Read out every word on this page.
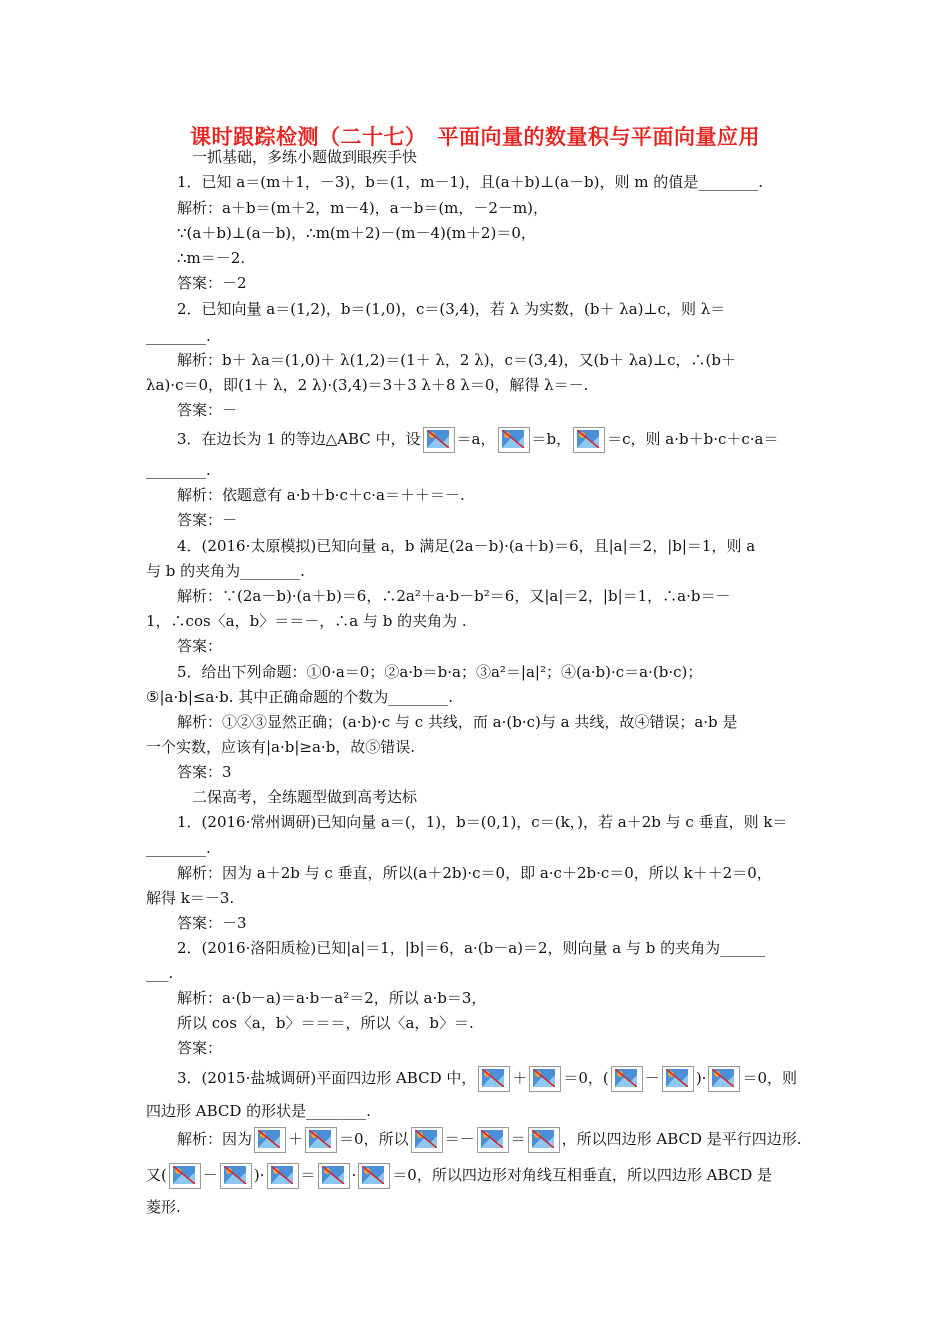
课时跟踪检测（二十七）　平面向量的数量积与平面向量应用
一抓基础，多练小题做到眼疾手快
1．已知 a＝(m＋1，－3)，b＝(1，m－1)，且(a＋b)⊥(a－b)，则 m 的值是________.
解析：a＋b＝(m＋2，m－4)，a－b＝(m，－2－m)，
∵(a＋b)⊥(a－b)，∴m(m＋2)－(m－4)(m＋2)＝0，
∴m＝－2.
答案：－2
2．已知向量 a＝(1,2)，b＝(1,0)，c＝(3,4)，若 λ 为实数，(b＋ λa)⊥c，则 λ＝
________.
解析：b＋ λa＝(1,0)＋ λ(1,2)＝(1＋ λ，2 λ)，c＝(3,4)，又(b＋ λa)⊥c，∴(b＋
λa)·c＝0，即(1＋ λ，2 λ)·(3,4)＝3＋3 λ＋8 λ＝0，解得 λ＝－.
答案：－
3．在边长为 1 的等边△ABC 中，设 ＝a， ＝b， ＝c，则 a·b＋b·c＋c·a＝
________.
解析：依题意有 a·b＋b·c＋c·a＝＋＋＝－.
答案：－
4．(2016·太原模拟)已知向量 a，b 满足(2a－b)·(a＋b)＝6，且|a|＝2，|b|＝1，则 a
与 b 的夹角为________.
解析：∵(2a－b)·(a＋b)＝6，∴2a²＋a·b－b²＝6，又|a|＝2，|b|＝1，∴a·b＝－
1，∴cos〈a，b〉＝＝－，∴a 与 b 的夹角为 .
答案：
5．给出下列命题：①0·a＝0；②a·b＝b·a；③a²＝|a|²；④(a·b)·c＝a·(b·c)；
⑤|a·b|≤a·b. 其中正确命题的个数为________.
解析：①②③显然正确；(a·b)·c 与 c 共线，而 a·(b·c)与 a 共线，故④错误；a·b 是
一个实数，应该有|a·b|≥a·b，故⑤错误.
答案：3
二保高考，全练题型做到高考达标
1．(2016·常州调研)已知向量 a＝(，1)，b＝(0,1)，c＝(k，)，若 a＋2b 与 c 垂直，则 k＝
________.
解析：因为 a＋2b 与 c 垂直，所以(a＋2b)·c＝0，即 a·c＋2b·c＝0，所以 k＋＋2＝0，
解得 k＝－3.
答案：－3
2．(2016·洛阳质检)已知|a|＝1，|b|＝6，a·(b－a)＝2，则向量 a 与 b 的夹角为______
___.
解析：a·(b－a)＝a·b－a²＝2，所以 a·b＝3，
所以 cos〈a，b〉＝＝＝，所以〈a，b〉＝.
答案：
3．(2015·盐城调研)平面四边形 ABCD 中， ＋ ＝0，( － )· ＝0，则
四边形 ABCD 的形状是________.
解析：因为 ＋ ＝0，所以 ＝－ ＝ ，所以四边形 ABCD 是平行四边形.
又( － )· ＝ · ＝0，所以四边形对角线互相垂直，所以四边形 ABCD 是
菱形.
